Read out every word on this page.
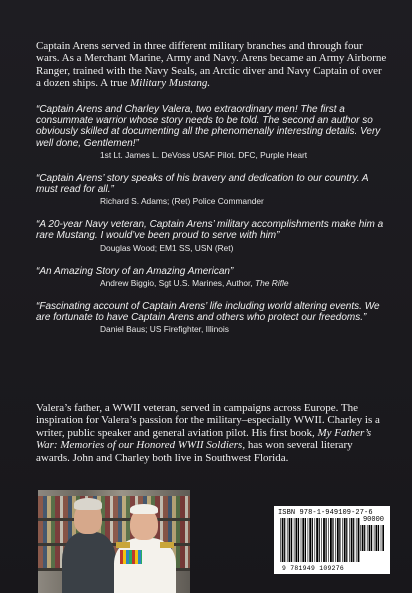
Captain Arens served in three different military branches and through four wars. As a Merchant Marine, Army and Navy. Arens became an Army Airborne Ranger, trained with the Navy Seals, an Arctic diver and Navy Captain of over a dozen ships. A true Military Mustang.

“Captain Arens and Charley Valera, two extraordinary men! The first a consummate warrior whose story needs to be told. The second an author so obviously skilled at documenting all the phenomenally interesting details. Very well done, Gentlemen!”

1st Lt. James L. DeVoss USAF Pilot. DFC, Purple Heart

“Captain Arens’ story speaks of his bravery and dedication to our country. A must read for all.”

Richard S. Adams; (Ret) Police Commander

“A 20-year Navy veteran, Captain Arens’ military accomplishments make him a rare Mustang. I would’ve been proud to serve with him”

Douglas Wood; EM1 SS, USN (Ret)

“An Amazing Story of an Amazing American”

Andrew Biggio, Sgt U.S. Marines, Author, The Rifle

“Fascinating account of Captain Arens’ life including world altering events. We are fortunate to have Captain Arens and others who protect our freedoms.”

Daniel Baus; US Firefighter, Illinois

Valera’s father, a WWII veteran, served in campaigns across Europe. The inspiration for Valera’s passion for the military–especially WWII. Charley is a writer, public speaker and general aviation pilot. His first book, My Father’s War: Memories of our Honored WWII Soldiers, has won several literary awards. John and Charley both live in Southwest Florida.

ISBN 978-1-949109-27-6
90000
9 781949 109276
